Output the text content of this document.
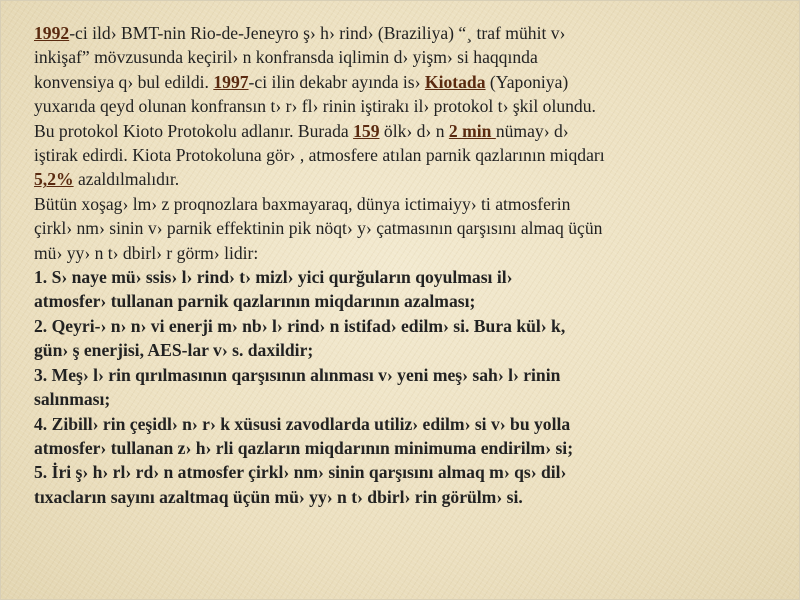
1992-ci ild› BMT-nin Rio-de-Jeneyro ş› h› rind› (Braziliya) “¸ traf mühit v›
inkişaf” mövzusunda keçiril› n konfransda iqlimin d› yişm› si haqqında
konvensiya q› bul edildi. 1997-ci ilin dekabr ayında is› Kiotada (Yaponiya)
yuxarıda qeyd olunan konfransın t› r› fl› rinin iştirakı il› protokol t› şkil olundu.
Bu protokol Kioto Protokolu adlanır. Burada 159 ölk› d› n 2 min nümay› d›
iştirak edirdi. Kiota Protokoluna gör› , atmosfere atılan parnik qazlarının miqdarı
5,2% azaldılmalıdır.
Bütün xoşag› lm› z proqnozlara baxmayaraq, dünya ictimaiyy› ti atmosferin
çirkl› nm› sinin v› parnik effektinin pik nöqt› y› çatmasının qarşısını almaq üçün
mü› yy› n t› dbirl› r görm› lidir:
1. S› naye mü› ssis› l› rind› t› mizl› yici qurğuların qoyulması il›
atmosfer› tullanan parnik qazlarının miqdarının azalması;
2. Qeyri-› n› n› vi enerji m› nb› l› rind› n istifad› edilm› si. Bura kül› k,
gün› ş enerjisi, AES-lar v› s. daxildir;
3. Meş› l› rin qırılmasının qarşısının alınması v› yeni meş› sah› l› rinin
salınması;
4. Zibill› rin çeşidl› n› r› k xüsusi zavodlarda utiliz› edilm› si v› bu yolla
atmosfer› tullanan z› h› rli qazların miqdarının minimuma endirilm› si;
5. İri ş› h› rl› rd› n atmosfer çirkl› nm› sinin qarşısını almaq m› qs› dil›
tıxacların sayını azaltmaq üçün mü› yy› n t› dbirl› rin görülm› si.
